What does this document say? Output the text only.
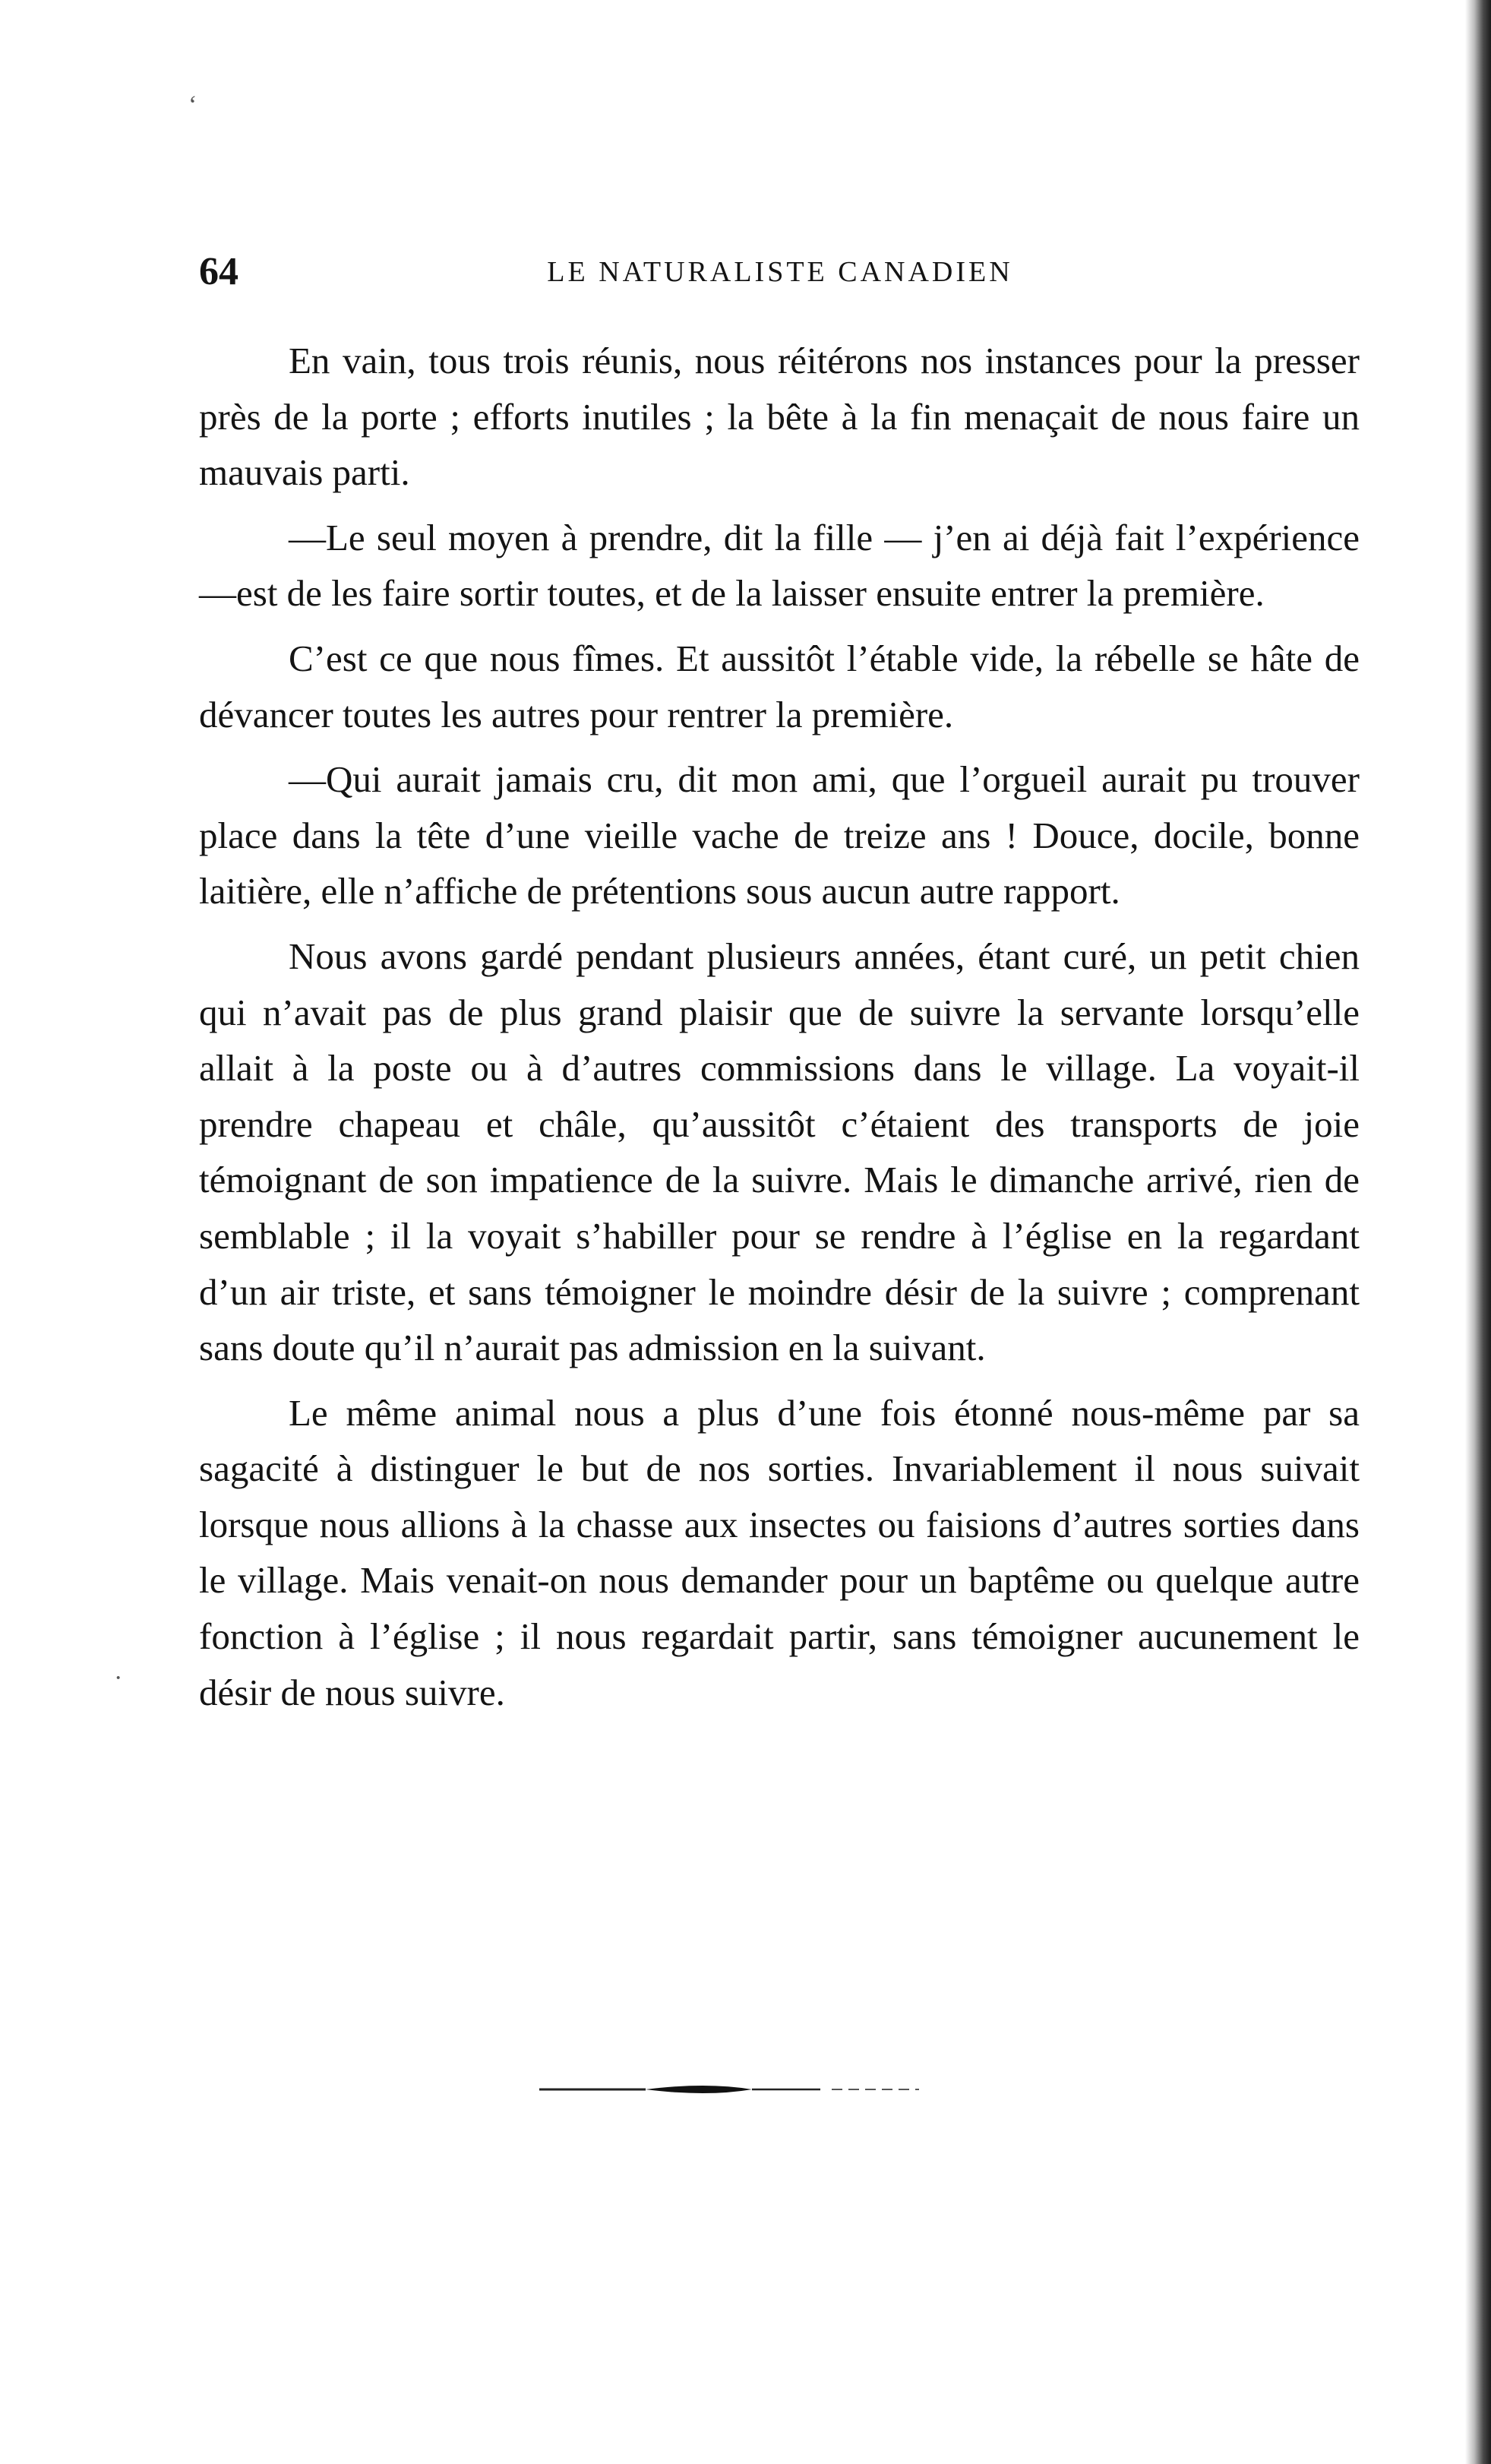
‘
·
64	LE NATURALISTE CANADIEN

En vain, tous trois réunis, nous réitérons nos instances pour la presser près de la porte ; efforts inutiles ; la bête à la fin menaçait de nous faire un mauvais parti.

—Le seul moyen à prendre, dit la fille — j’en ai déjà fait l’expérience—est de les faire sortir toutes, et de la laisser ensuite entrer la première.

C’est ce que nous fîmes. Et aussitôt l’étable vide, la rébelle se hâte de dévancer toutes les autres pour rentrer la première.

—Qui aurait jamais cru, dit mon ami, que l’orgueil aurait pu trouver place dans la tête d’une vieille vache de treize ans ! Douce, docile, bonne laitière, elle n’affiche de prétentions sous aucun autre rapport.

Nous avons gardé pendant plusieurs années, étant curé, un petit chien qui n’avait pas de plus grand plaisir que de suivre la servante lorsqu’elle allait à la poste ou à d’autres commissions dans le village. La voyait-il prendre chapeau et châle, qu’aussitôt c’étaient des transports de joie témoignant de son impatience de la suivre. Mais le dimanche arrivé, rien de semblable ; il la voyait s’habiller pour se rendre à l’église en la regardant d’un air triste, et sans témoigner le moindre désir de la suivre ; comprenant sans doute qu’il n’aurait pas admission en la suivant.

Le même animal nous a plus d’une fois étonné nous-même par sa sagacité à distinguer le but de nos sorties. Invariablement il nous suivait lorsque nous allions à la chasse aux insectes ou faisions d’autres sorties dans le village. Mais venait-on nous demander pour un baptême ou quelque autre fonction à l’église ; il nous regardait partir, sans témoigner aucunement le désir de nous suivre.
